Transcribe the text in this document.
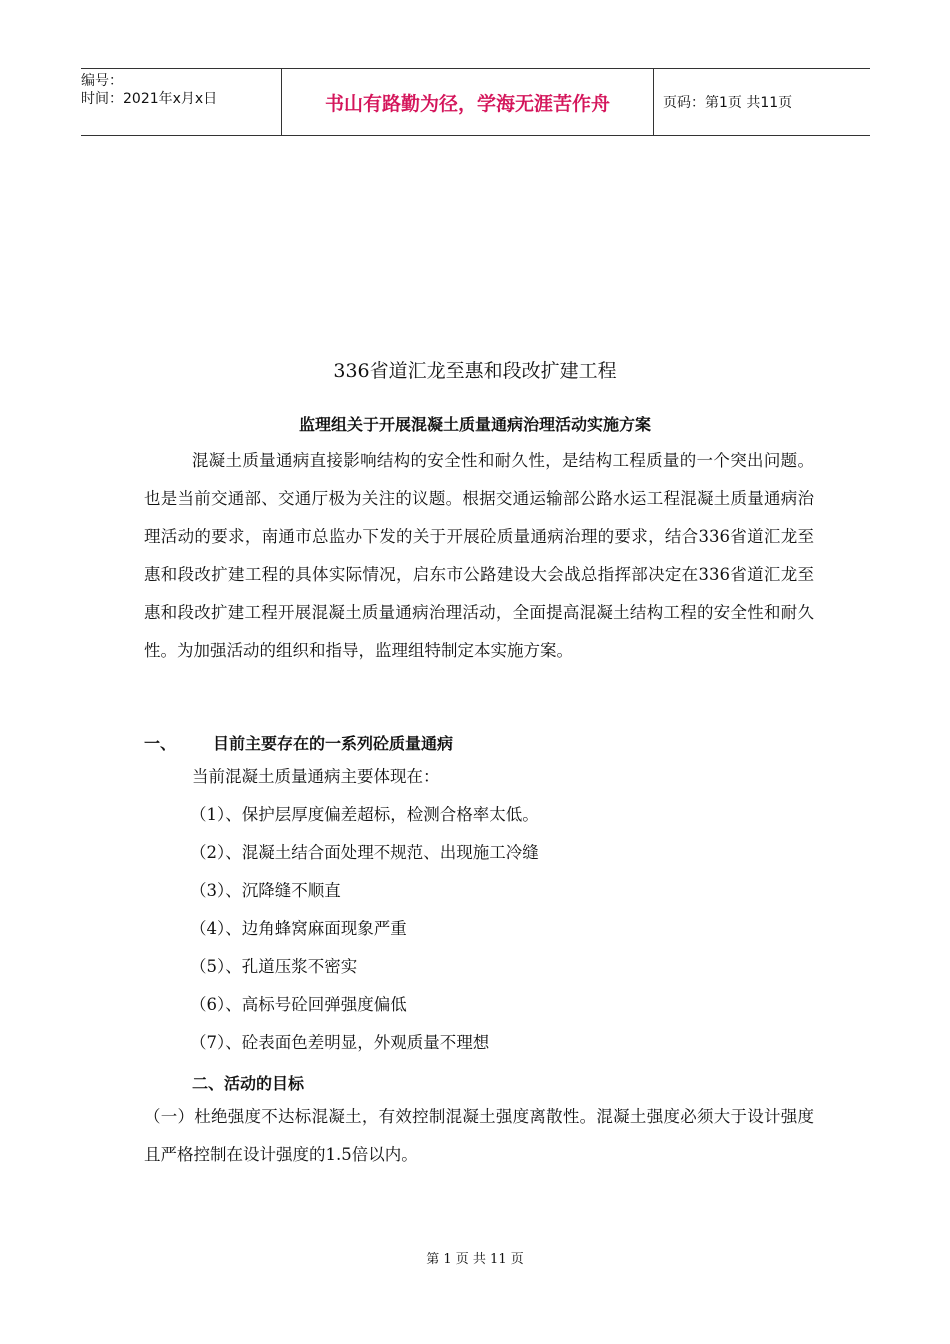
编号：
时间：2021年x月x日	书山有路勤为径，学海无涯苦作舟	页码：第1页 共11页
336省道汇龙至惠和段改扩建工程
监理组关于开展混凝土质量通病治理活动实施方案

混凝土质量通病直接影响结构的安全性和耐久性，是结构工程质量的一个突出问题。也是当前交通部、交通厅极为关注的议题。根据交通运输部公路水运工程混凝土质量通病治理活动的要求，南通市总监办下发的关于开展砼质量通病治理的要求，结合336省道汇龙至惠和段改扩建工程的具体实际情况，启东市公路建设大会战总指挥部决定在336省道汇龙至惠和段改扩建工程开展混凝土质量通病治理活动，全面提高混凝土结构工程的安全性和耐久性。为加强活动的组织和指导，监理组特制定本实施方案。

一、 目前主要存在的一系列砼质量通病
当前混凝土质量通病主要体现在：
（1）、保护层厚度偏差超标，检测合格率太低。
（2）、混凝土结合面处理不规范、出现施工冷缝
（3）、沉降缝不顺直
（4）、边角蜂窝麻面现象严重
（5）、孔道压浆不密实
（6）、高标号砼回弹强度偏低
（7）、砼表面色差明显，外观质量不理想
二、活动的目标

（一）杜绝强度不达标混凝土，有效控制混凝土强度离散性。混凝土强度必须大于设计强度且严格控制在设计强度的1.5倍以内。

第 1 页 共 11 页
